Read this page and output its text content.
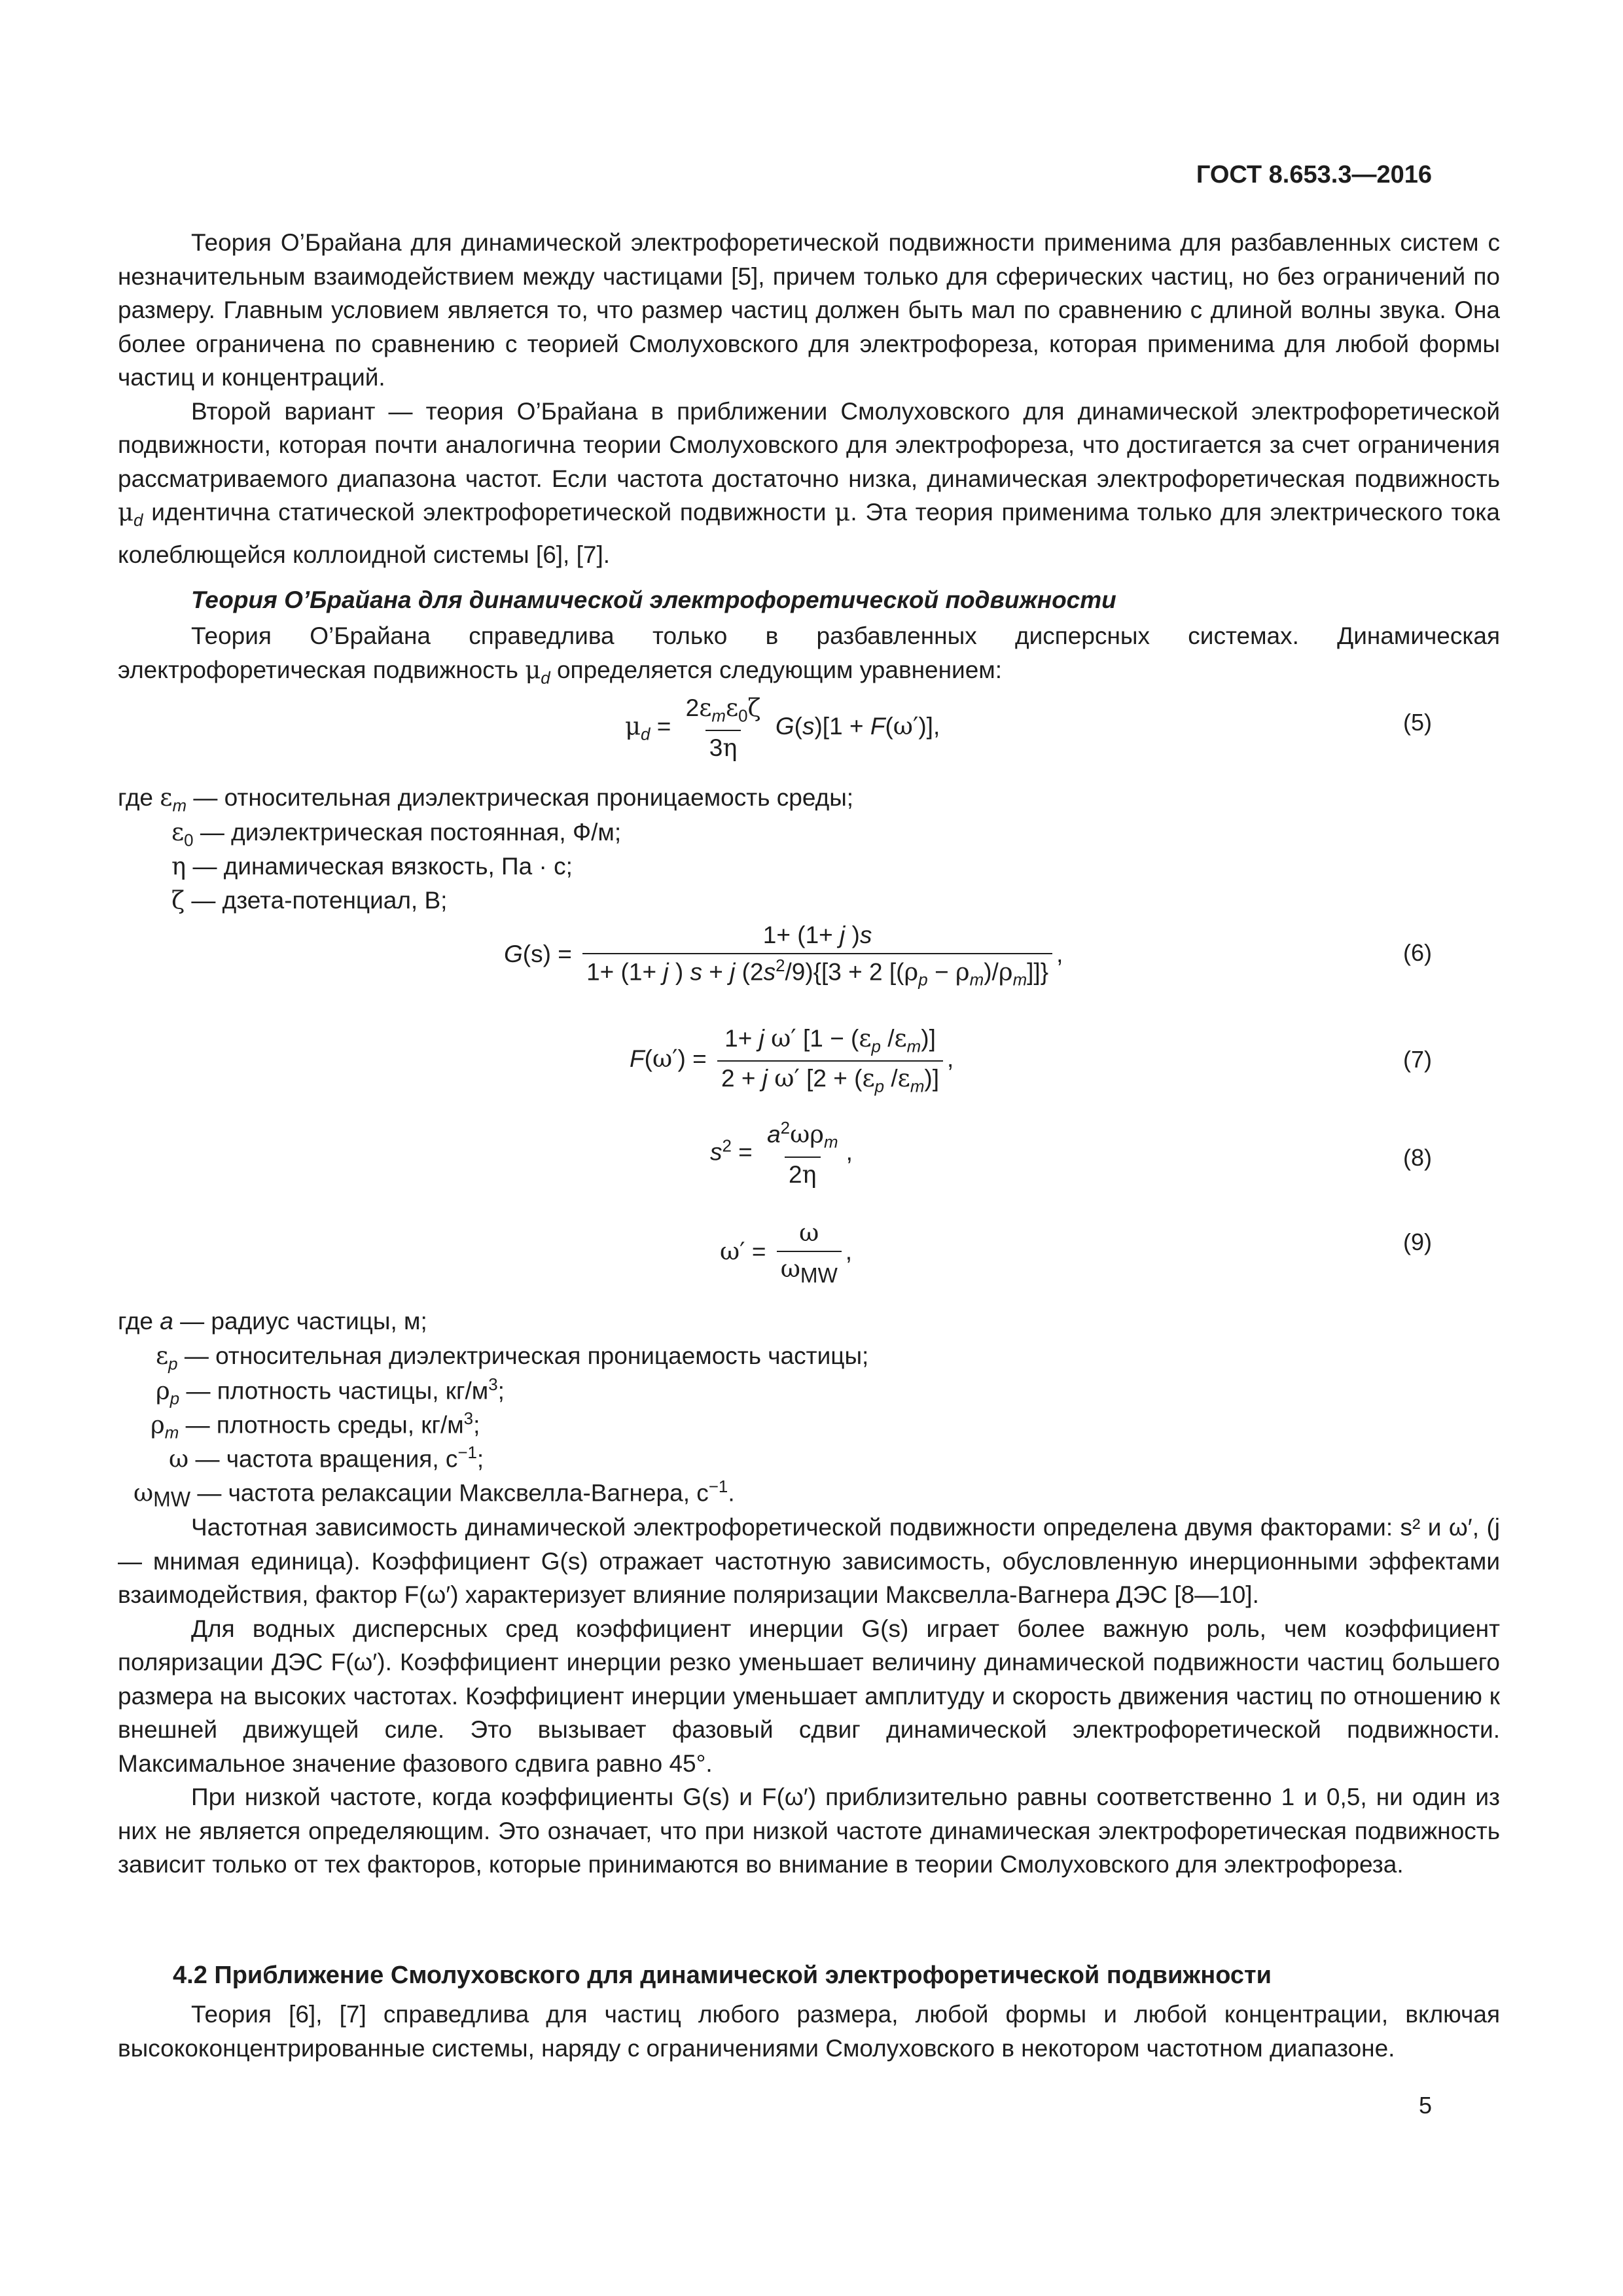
ГОСТ 8.653.3—2016

Теория О’Брайана для динамической электрофоретической подвижности применима для разбавленных систем с незначительным взаимодействием между частицами [5], причем только для сферических частиц, но без ограничений по размеру. Главным условием является то, что размер частиц должен быть мал по сравнению с длиной волны звука. Она более ограничена по сравнению с теорией Смолуховского для электрофореза, которая применима для любой формы частиц и концентраций.

Второй вариант — теория О’Брайана в приближении Смолуховского для динамической электрофоретической подвижности, которая почти аналогична теории Смолуховского для электрофореза, что достигается за счет ограничения рассматриваемого диапазона частот. Если частота достаточно низка, динамическая электрофоретическая подвижность $\mu_d$ идентична статической электрофоретической подвижности μ. Эта теория применима только для электрического тока колеблющейся коллоидной системы [6], [7].

Теория О’Брайана для динамической электрофоретической подвижности

Теория О’Брайана справедлива только в разбавленных дисперсных системах. Динамическая электрофоретическая подвижность $\mu_d$ определяется следующим уравнением:

$\mu_d = \frac{2\varepsilon_m\varepsilon_0\zeta}{3\eta} G(s)[1 + F(\omega')]$,	(5)
где $\varepsilon_m$ — относительная диэлектрическая проницаемость среды;
$\varepsilon_0$ — диэлектрическая постоянная, Ф/м;
η — динамическая вязкость, Па · с;
ζ — дзета-потенциал, В;
$G(s) = \frac{1+ (1+ j )s}{1+ (1+ j ) s + j (2s^2/9)\{[3 + 2 [(\rho_p - \rho_m)/\rho_m]]\}}$ ,	(6)
$F(\omega') = \frac{1+ j \omega' [1 - (\varepsilon_p /\varepsilon_m)]}{2 + j \omega' [2 + (\varepsilon_p /\varepsilon_m)]}$ ,	(7)
$s^2 = \frac{a^2\omega\rho_m}{2\eta}$ ,	(8)
$\omega' = \frac{\omega}{\omega_{MW}}$ ,	(9)
где a — радиус частицы, м;
$\varepsilon_p$ — относительная диэлектрическая проницаемость частицы;
$\rho_p$ — плотность частицы, $кг/м^3$;
$\rho_m$ — плотность среды, $кг/м^3$;
ω — частота вращения, $с^{-1}$;
$\omega_{MW}$ — частота релаксации Максвелла-Вагнера, $с^{-1}$.

Частотная зависимость динамической электрофоретической подвижности определена двумя факторами: s² и ω′, (j — мнимая единица). Коэффициент G(s) отражает частотную зависимость, обусловленную инерционными эффектами взаимодействия, фактор F(ω′) характеризует влияние поляризации Максвелла-Вагнера ДЭС [8—10].

Для водных дисперсных сред коэффициент инерции G(s) играет более важную роль, чем коэффициент поляризации ДЭС F(ω′). Коэффициент инерции резко уменьшает величину динамической подвижности частиц большего размера на высоких частотах. Коэффициент инерции уменьшает амплитуду и скорость движения частиц по отношению к внешней движущей силе. Это вызывает фазовый сдвиг динамической электрофоретической подвижности. Максимальное значение фазового сдвига равно 45°.

При низкой частоте, когда коэффициенты G(s) и F(ω′) приблизительно равны соответственно 1 и 0,5, ни один из них не является определяющим. Это означает, что при низкой частоте динамическая электрофоретическая подвижность зависит только от тех факторов, которые принимаются во внимание в теории Смолуховского для электрофореза.

4.2 Приближение Смолуховского для динамической электрофоретической подвижности

Теория [6], [7] справедлива для частиц любого размера, любой формы и любой концентрации, включая высококонцентрированные системы, наряду с ограничениями Смолуховского в некотором частотном диапазоне.

5
